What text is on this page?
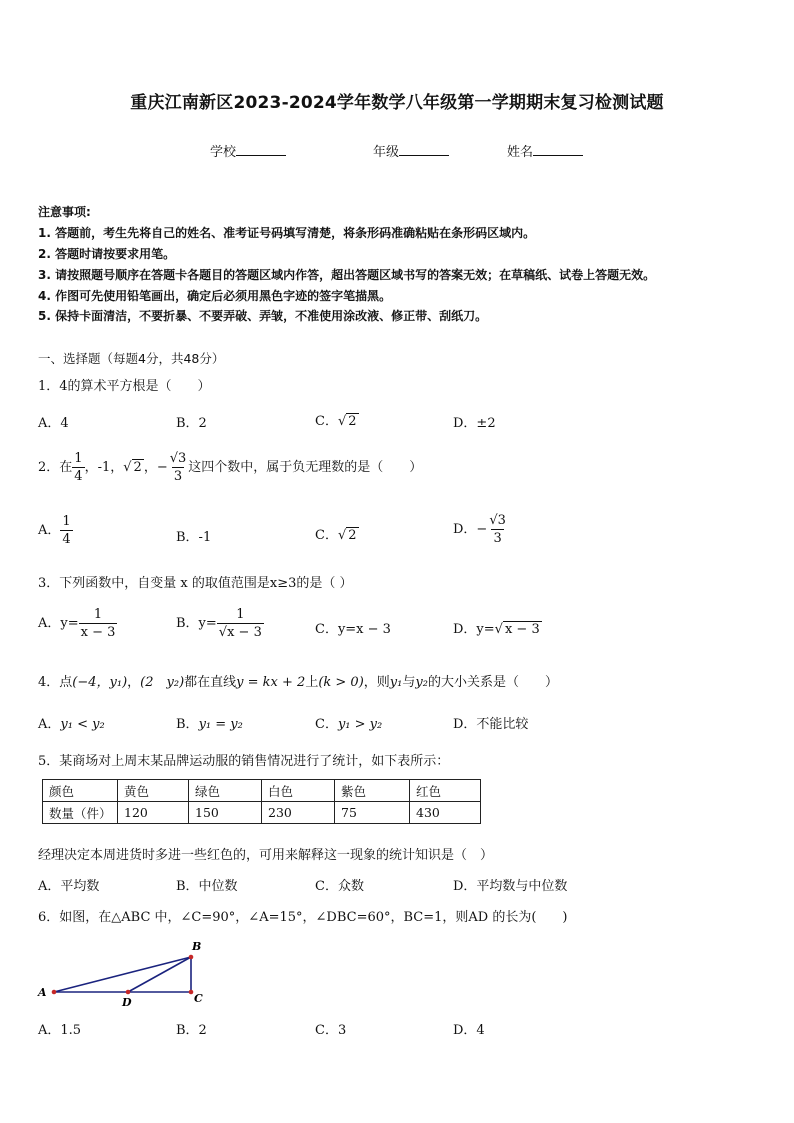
重庆江南新区2023-2024学年数学八年级第一学期期末复习检测试题
学校	年级	姓名
注意事项:
1. 答题前，考生先将自己的姓名、准考证号码填写清楚，将条形码准确粘贴在条形码区域内。
2. 答题时请按要求用笔。
3. 请按照题号顺序在答题卡各题目的答题区域内作答，超出答题区域书写的答案无效；在草稿纸、试卷上答题无效。
4. 作图可先使用铅笔画出，确定后必须用黑色字迹的签字笔描黑。
5. 保持卡面清洁，不要折暴、不要弄破、弄皱，不准使用涂改液、修正带、刮纸刀。
一、选择题（每题4分，共48分）
1．4的算术平方根是（　　）
A．4	B．2	C．√ 2	D．±2
2．在 $\frac{1}{4}$ ，-1，√ 2 ，− $\frac{√3}{3}$ 这四个数中，属于负无理数的是（　　）
A． $\frac{1}{4}$	B．-1	C．√ 2	D．− $\frac{√3}{3}$
3．下列函数中，自变量 x 的取值范围是x≥3的是（ ）
A．$y= \frac{1}{x - 3}$	B．$y= \frac{1}{√x - 3}$	C．y=x − 3	D．y=√ x − 3
4．点(−4，y₁)，(2　y₂)都在直线y = kx + 2上(k > 0)，则y₁与y₂的大小关系是（　　）
A．y₁ < y₂	B．y₁ = y₂	C．y₁ > y₂	D．不能比较
5．某商场对上周末某品牌运动服的销售情况进行了统计，如下表所示：
颜色	黄色	绿色	白色	紫色	红色
数量（件）	120	150	230	75	430
经理决定本周进货时多进一些红色的，可用来解释这一现象的统计知识是（　）
A．平均数	B．中位数	C．众数	D．平均数与中位数
6．如图，在△ABC 中，∠C=90°，∠A=15°，∠DBC=60°，BC=1，则AD 的长为(　　)
A
B
C
D
A．1.5	B．2	C．3	D．4
